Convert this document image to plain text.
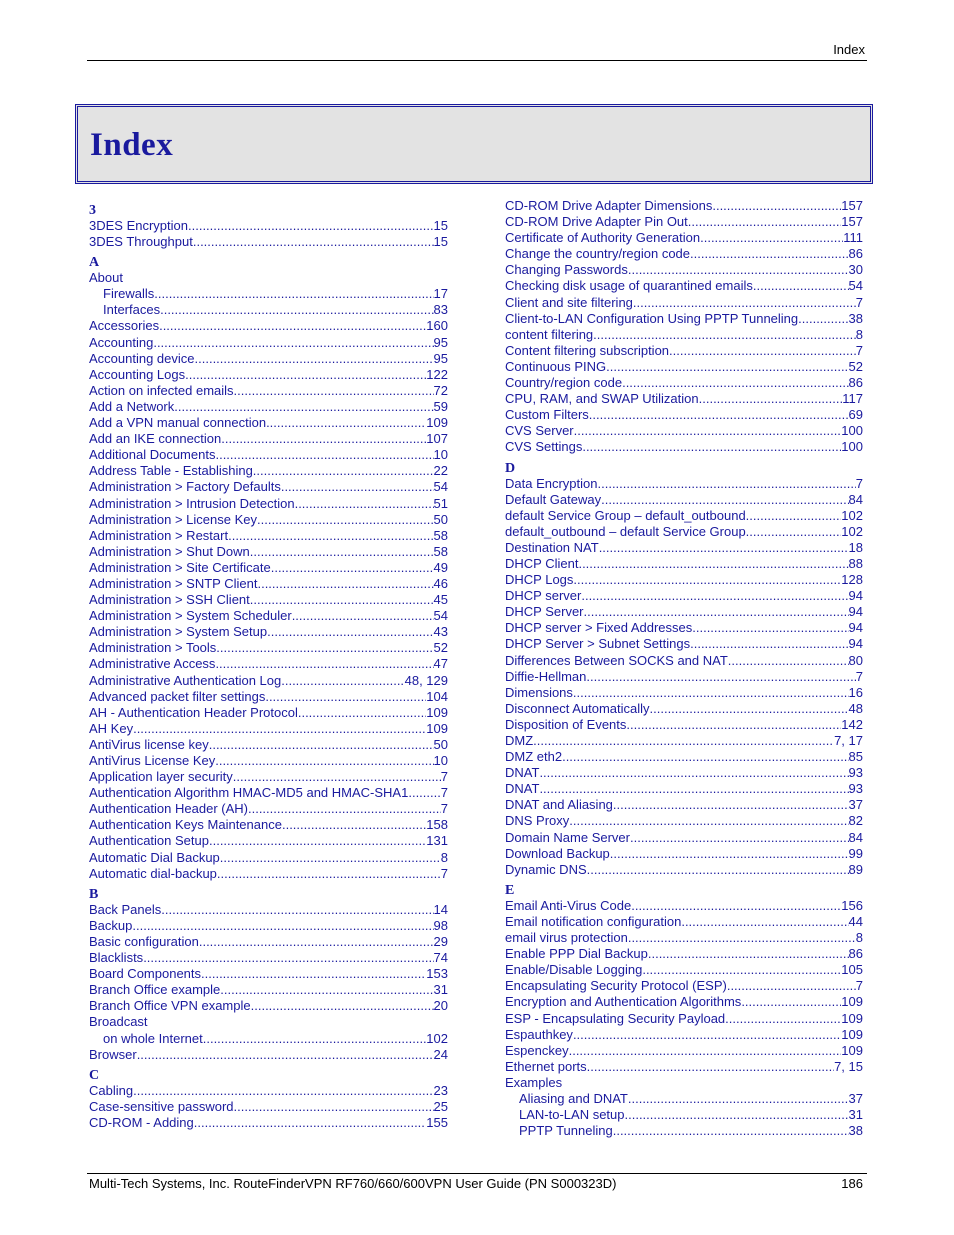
Index
Index
3
3DES Encryption .....	15
3DES Throughput .....	15
A
About
Firewalls .....	17
Interfaces .....	83
Accessories .....	160
Accounting .....	95
Accounting device .....	95
Accounting Logs .....	122
Action on infected emails .....	72
Add a Network .....	59
Add a VPN manual connection .....	109
Add an IKE connection .....	107
Additional Documents .....	10
Address Table - Establishing .....	22
Administration > Factory Defaults .....	54
Administration > Intrusion Detection .....	51
Administration > License Key .....	50
Administration > Restart .....	58
Administration > Shut Down .....	58
Administration > Site Certificate .....	49
Administration > SNTP Client .....	46
Administration > SSH Client .....	45
Administration > System Scheduler .....	54
Administration > System Setup .....	43
Administration > Tools .....	52
Administrative Access .....	47
Administrative Authentication Log .....	48, 129
Advanced packet filter settings .....	104
AH - Authentication Header Protocol .....	109
AH Key .....	109
AntiVirus license key .....	50
AntiVirus License Key .....	10
Application layer security .....	7
Authentication Algorithm HMAC-MD5 and HMAC-SHA1 ..... 7
Authentication Header (AH) .....	7
Authentication Keys Maintenance .....	158
Authentication Setup .....	131
Automatic Dial Backup .....	8
Automatic dial-backup .....	7
B
Back Panels .....	14
Backup .....	98
Basic configuration .....	29
Blacklists .....	74
Board Components .....	153
Branch Office example .....	31
Branch Office VPN example .....	20
Broadcast
on whole Internet .....	102
Browser .....	24
C
Cabling .....	23
Case-sensitive password .....	25
CD-ROM - Adding .....	155
CD-ROM Drive Adapter Dimensions .....	157
CD-ROM Drive Adapter Pin Out .....	157
Certificate of Authority Generation .....	111
Change the country/region code .....	86
Changing Passwords .....	30
Checking disk usage of quarantined emails .....	54
Client and site filtering .....	7
Client-to-LAN Configuration Using PPTP Tunneling .....	38
content filtering .....	8
Content filtering subscription .....	7
Continuous PING .....	52
Country/region code .....	86
CPU, RAM, and SWAP Utilization .....	117
Custom Filters .....	69
CVS Server .....	100
CVS Settings .....	100
D
Data Encryption .....	7
Default Gateway .....	84
default Service Group – default_outbound .....	102
default_outbound – default Service Group .....	102
Destination NAT .....	18
DHCP Client .....	88
DHCP Logs .....	128
DHCP server .....	94
DHCP Server .....	94
DHCP server > Fixed Addresses .....	94
DHCP Server > Subnet Settings .....	94
Differences Between SOCKS and NAT .....	80
Diffie-Hellman .....	7
Dimensions .....	16
Disconnect Automatically .....	48
Disposition of Events .....	142
DMZ .....	7, 17
DMZ eth2 .....	85
DNAT .....	93
DNAT .....	93
DNAT and Aliasing .....	37
DNS Proxy .....	82
Domain Name Server .....	84
Download Backup .....	99
Dynamic DNS .....	89
E
Email Anti-Virus Code .....	156
Email notification configuration .....	44
email virus protection .....	8
Enable PPP Dial Backup .....	86
Enable/Disable Logging .....	105
Encapsulating Security Protocol (ESP) .....	7
Encryption and Authentication Algorithms .....	109
ESP - Encapsulating Security Payload .....	109
Espauthkey .....	109
Espenckey .....	109
Ethernet ports .....	7, 15
Examples
Aliasing and DNAT .....	37
LAN-to-LAN setup .....	31
PPTP Tunneling .....	38
Multi-Tech Systems, Inc. RouteFinderVPN RF760/660/600VPN User Guide (PN S000323D)	186
